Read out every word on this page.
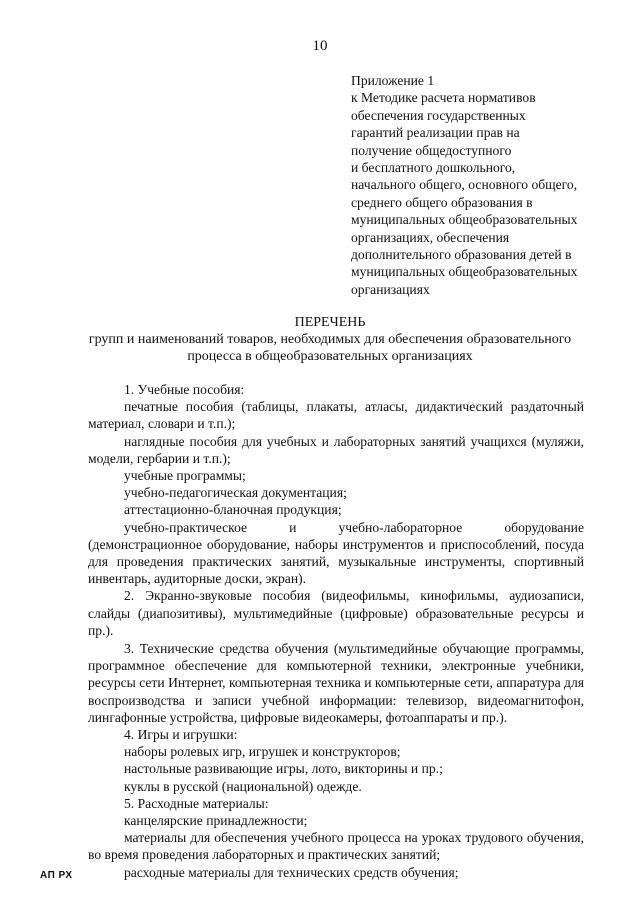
10
Приложение 1
к Методике расчета нормативов
обеспечения государственных
гарантий реализации прав на
получение общедоступного
и бесплатного дошкольного,
начального общего, основного общего,
среднего общего образования в
муниципальных общеобразовательных
организациях, обеспечения
дополнительного образования детей в
муниципальных общеобразовательных
организациях
ПЕРЕЧЕНЬ
групп и наименований товаров, необходимых для обеспечения образовательного
процесса в общеобразовательных организациях

1. Учебные пособия:

печатные пособия (таблицы, плакаты, атласы, дидактический раздаточный материал, словари и т.п.);

наглядные пособия для учебных и лабораторных занятий учащихся (муляжи, модели, гербарии и т.п.);

учебные программы;

учебно-педагогическая документация;

аттестационно-бланочная продукция;

учебно-практическое и учебно-лабораторное оборудование (демонстрационное оборудование, наборы инструментов и приспособлений, посуда для проведения практических занятий, музыкальные инструменты, спортивный инвентарь, аудиторные доски, экран).

2. Экранно-звуковые пособия (видеофильмы, кинофильмы, аудиозаписи, слайды (диапозитивы), мультимедийные (цифровые) образовательные ресурсы и пр.).

3. Технические средства обучения (мультимедийные обучающие программы, программное обеспечение для компьютерной техники, электронные учебники, ресурсы сети Интернет, компьютерная техника и компьютерные сети, аппаратура для воспроизводства и записи учебной информации: телевизор, видеомагнитофон, лингафонные устройства, цифровые видеокамеры, фотоаппараты и пр.).

4. Игры и игрушки:

наборы ролевых игр, игрушек и конструкторов;

настольные развивающие игры, лото, викторины и пр.;

куклы в русской (национальной) одежде.

5. Расходные материалы:

канцелярские принадлежности;

материалы для обеспечения учебного процесса на уроках трудового обучения, во время проведения лабораторных и практических занятий;

расходные материалы для технических средств обучения;

АП РХ
